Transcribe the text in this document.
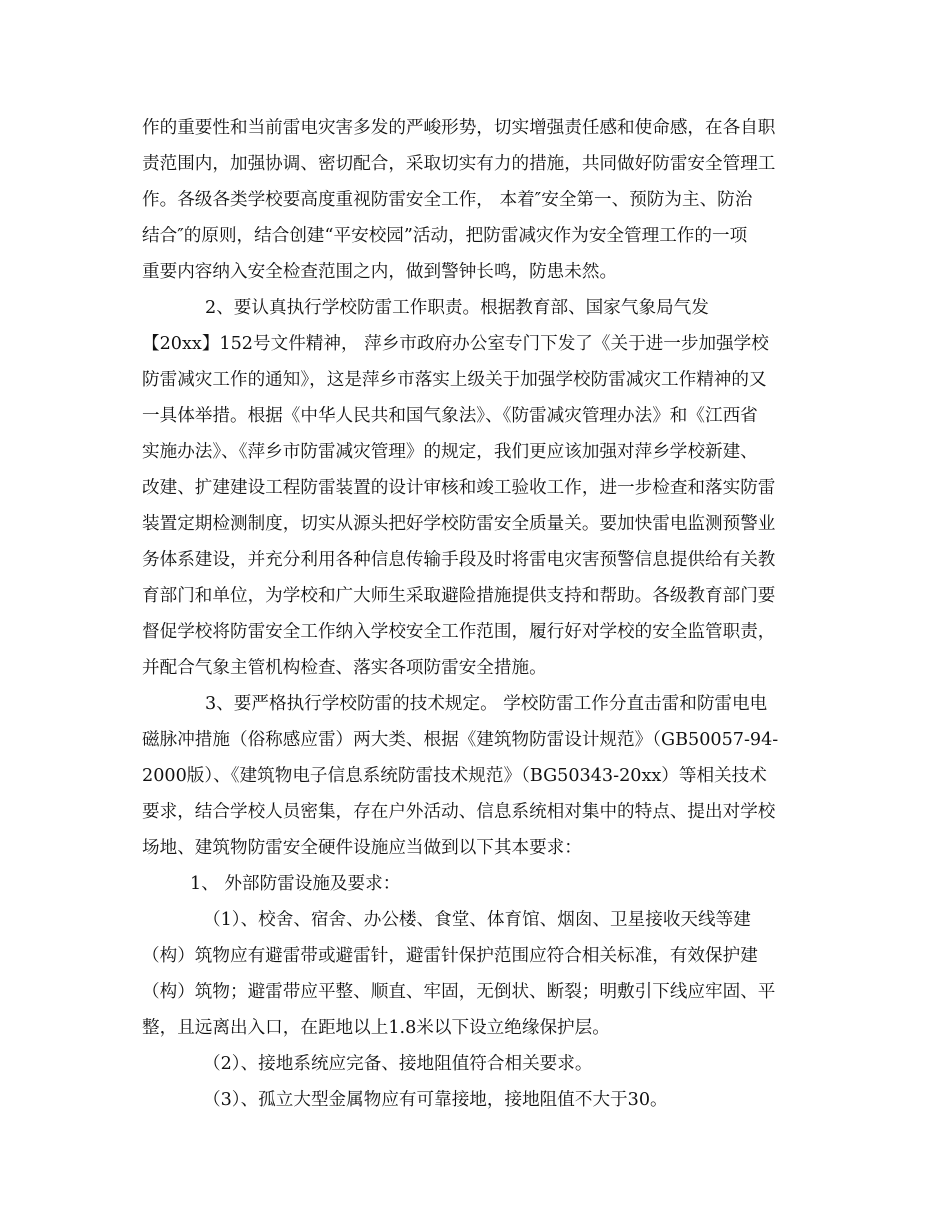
作的重要性和当前雷电灾害多发的严峻形势，切实增强责任感和使命感，在各自职
责范围内，加强协调、密切配合，采取切实有力的措施，共同做好防雷安全管理工
作。各级各类学校要高度重视防雷安全工作， 本着″安全第一、预防为主、防治
结合″的原则，结合创建“平安校园”活动，把防雷减灾作为安全管理工作的一项
重要内容纳入安全检查范围之内，做到警钟长鸣，防患未然。
2、要认真执行学校防雷工作职责。根据教育部、国家气象局气发
【20xx】152号文件精神， 萍乡市政府办公室专门下发了《关于进一步加强学校
防雷减灾工作的通知》，这是萍乡市落实上级关于加强学校防雷减灾工作精神的又
一具体举措。根据《中华人民共和国气象法》、《防雷减灾管理办法》和《江西省
实施办法》、《萍乡市防雷减灾管理》的规定，我们更应该加强对萍乡学校新建、
改建、扩建建设工程防雷装置的设计审核和竣工验收工作，进一步检查和落实防雷
装置定期检测制度，切实从源头把好学校防雷安全质量关。要加快雷电监测预警业
务体系建设，并充分利用各种信息传输手段及时将雷电灾害预警信息提供给有关教
育部门和单位，为学校和广大师生采取避险措施提供支持和帮助。各级教育部门要
督促学校将防雷安全工作纳入学校安全工作范围，履行好对学校的安全监管职责，
并配合气象主管机构检查、落实各项防雷安全措施。
3、要严格执行学校防雷的技术规定。 学校防雷工作分直击雷和防雷电电
磁脉冲措施（俗称感应雷）两大类、根据《建筑物防雷设计规范》（GB50057-94-
2000版）、《建筑物电子信息系统防雷技术规范》（BG50343-20xx）等相关技术
要求，结合学校人员密集，存在户外活动、信息系统相对集中的特点、提出对学校
场地、建筑物防雷安全硬件设施应当做到以下其本要求：
1、 外部防雷设施及要求：
（1）、校舍、宿舍、办公楼、食堂、体育馆、烟囱、卫星接收天线等建
（构）筑物应有避雷带或避雷针，避雷针保护范围应符合相关标准，有效保护建
（构）筑物；避雷带应平整、顺直、牢固，无倒状、断裂；明敷引下线应牢固、平
整，且远离出入口，在距地以上1.8米以下设立绝缘保护层。
（2）、接地系统应完备、接地阻值符合相关要求。
（3）、孤立大型金属物应有可靠接地，接地阻值不大于30。
